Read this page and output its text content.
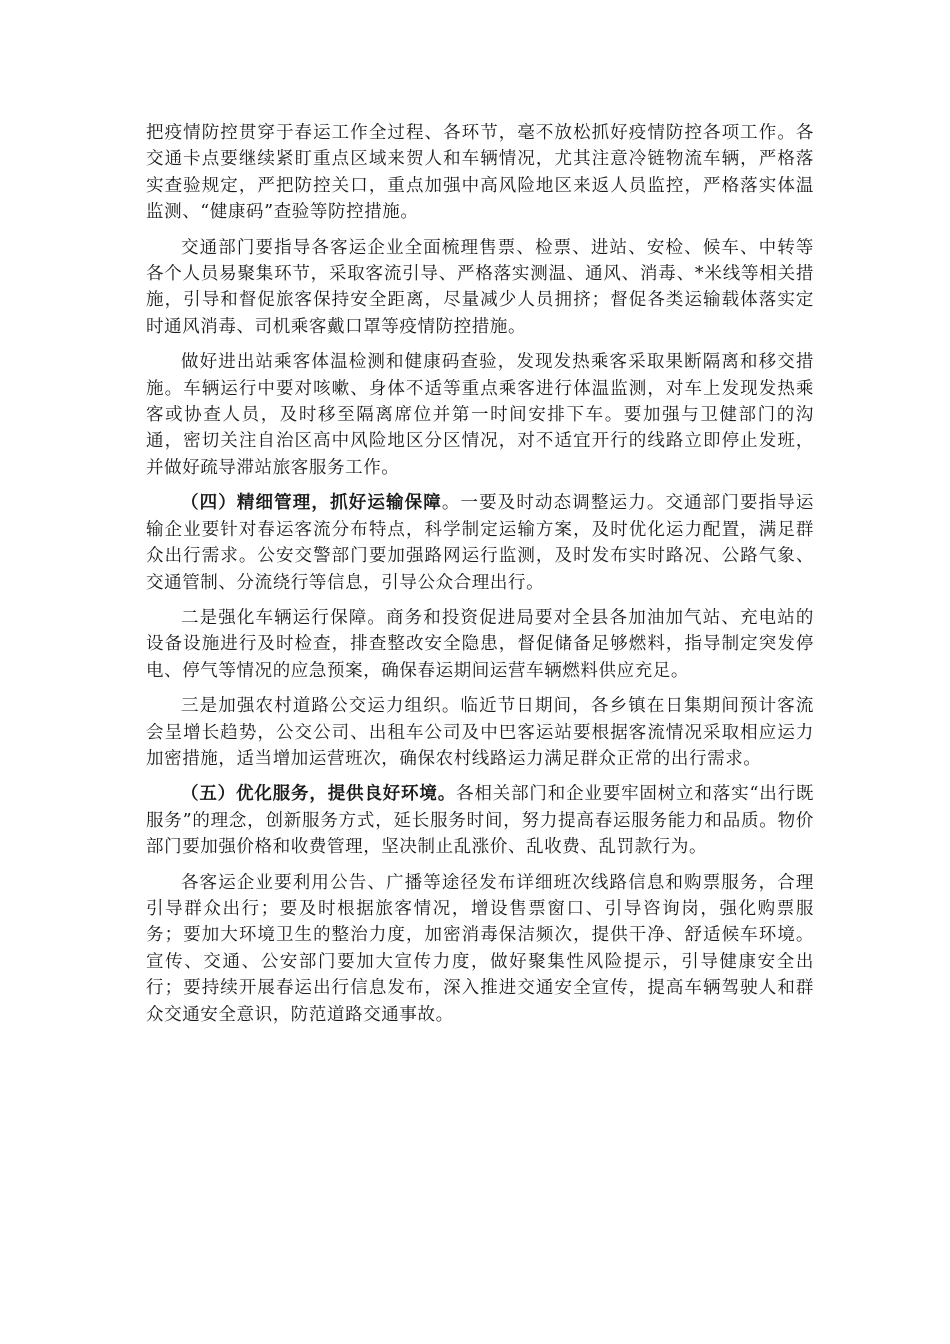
把疫情防控贯穿于春运工作全过程、各环节，毫不放松抓好疫情防控各项工作。各交通卡点要继续紧盯重点区域来贺人和车辆情况，尤其注意冷链物流车辆，严格落实查验规定，严把防控关口，重点加强中高风险地区来返人员监控，严格落实体温监测、“健康码”查验等防控措施。

交通部门要指导各客运企业全面梳理售票、检票、进站、安检、候车、中转等各个人员易聚集环节，采取客流引导、严格落实测温、通风、消毒、*米线等相关措施，引导和督促旅客保持安全距离，尽量减少人员拥挤；督促各类运输载体落实定时通风消毒、司机乘客戴口罩等疫情防控措施。

做好进出站乘客体温检测和健康码查验，发现发热乘客采取果断隔离和移交措施。车辆运行中要对咳嗽、身体不适等重点乘客进行体温监测，对车上发现发热乘客或协查人员，及时移至隔离席位并第一时间安排下车。要加强与卫健部门的沟通，密切关注自治区高中风险地区分区情况，对不适宜开行的线路立即停止发班，并做好疏导滞站旅客服务工作。

（四）精细管理，抓好运输保障。一要及时动态调整运力。交通部门要指导运输企业要针对春运客流分布特点，科学制定运输方案，及时优化运力配置，满足群众出行需求。公安交警部门要加强路网运行监测，及时发布实时路况、公路气象、交通管制、分流绕行等信息，引导公众合理出行。

二是强化车辆运行保障。商务和投资促进局要对全县各加油加气站、充电站的设备设施进行及时检查，排查整改安全隐患，督促储备足够燃料，指导制定突发停电、停气等情况的应急预案，确保春运期间运营车辆燃料供应充足。

三是加强农村道路公交运力组织。临近节日期间，各乡镇在日集期间预计客流会呈增长趋势，公交公司、出租车公司及中巴客运站要根据客流情况采取相应运力加密措施，适当增加运营班次，确保农村线路运力满足群众正常的出行需求。

（五）优化服务，提供良好环境。各相关部门和企业要牢固树立和落实“出行既服务”的理念，创新服务方式，延长服务时间，努力提高春运服务能力和品质。物价部门要加强价格和收费管理，坚决制止乱涨价、乱收费、乱罚款行为。

各客运企业要利用公告、广播等途径发布详细班次线路信息和购票服务，合理引导群众出行；要及时根据旅客情况，增设售票窗口、引导咨询岗，强化购票服务；要加大环境卫生的整治力度，加密消毒保洁频次，提供干净、舒适候车环境。宣传、交通、公安部门要加大宣传力度，做好聚集性风险提示，引导健康安全出行；要持续开展春运出行信息发布，深入推进交通安全宣传，提高车辆驾驶人和群众交通安全意识，防范道路交通事故。
